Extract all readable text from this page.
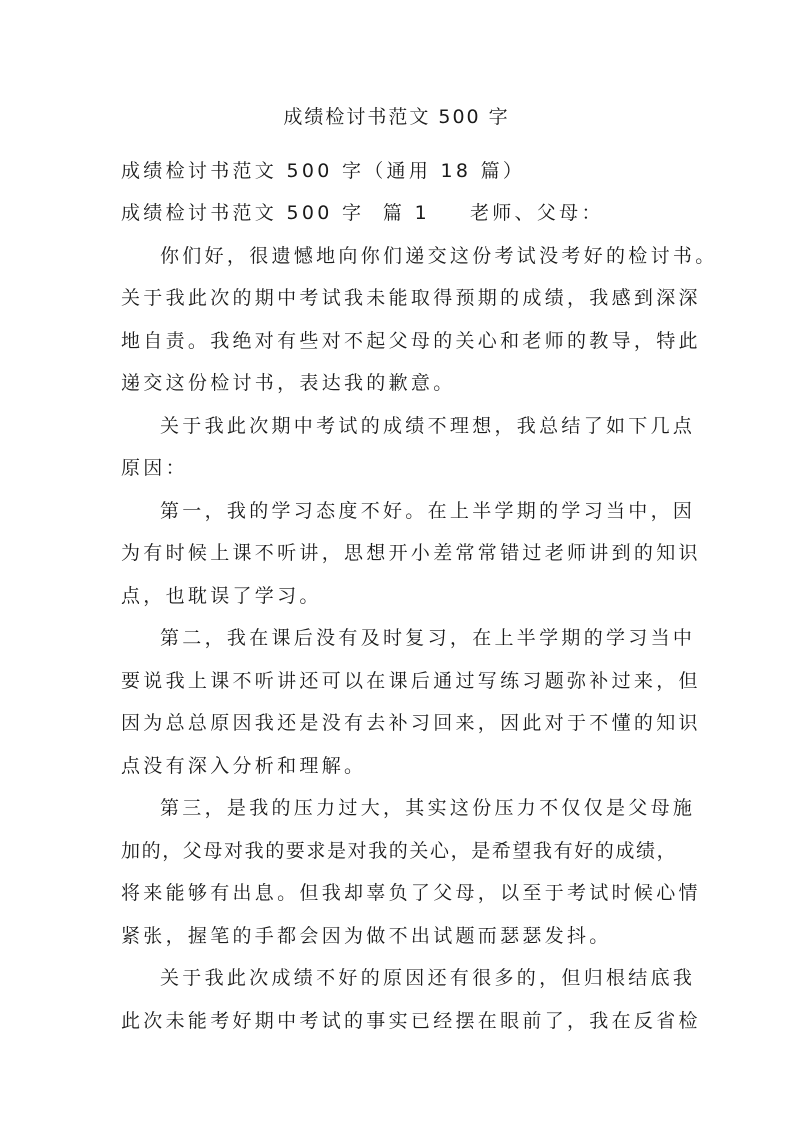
成绩检讨书范文 500 字
成绩检讨书范文 500 字（通用 18 篇）
成绩检讨书范文 500 字  篇 1 老师、父母：
你们好，很遗憾地向你们递交这份考试没考好的检讨书。
关于我此次的期中考试我未能取得预期的成绩，我感到深深
地自责。我绝对有些对不起父母的关心和老师的教导，特此
递交这份检讨书，表达我的歉意。
关于我此次期中考试的成绩不理想，我总结了如下几点
原因：
第一，我的学习态度不好。在上半学期的学习当中，因
为有时候上课不听讲，思想开小差常常错过老师讲到的知识
点，也耽误了学习。
第二，我在课后没有及时复习，在上半学期的学习当中
要说我上课不听讲还可以在课后通过写练习题弥补过来，但
因为总总原因我还是没有去补习回来，因此对于不懂的知识
点没有深入分析和理解。
第三，是我的压力过大，其实这份压力不仅仅是父母施
加的，父母对我的要求是对我的关心，是希望我有好的成绩，
将来能够有出息。但我却辜负了父母，以至于考试时候心情
紧张，握笔的手都会因为做不出试题而瑟瑟发抖。
关于我此次成绩不好的原因还有很多的，但归根结底我
此次未能考好期中考试的事实已经摆在眼前了，我在反省检
